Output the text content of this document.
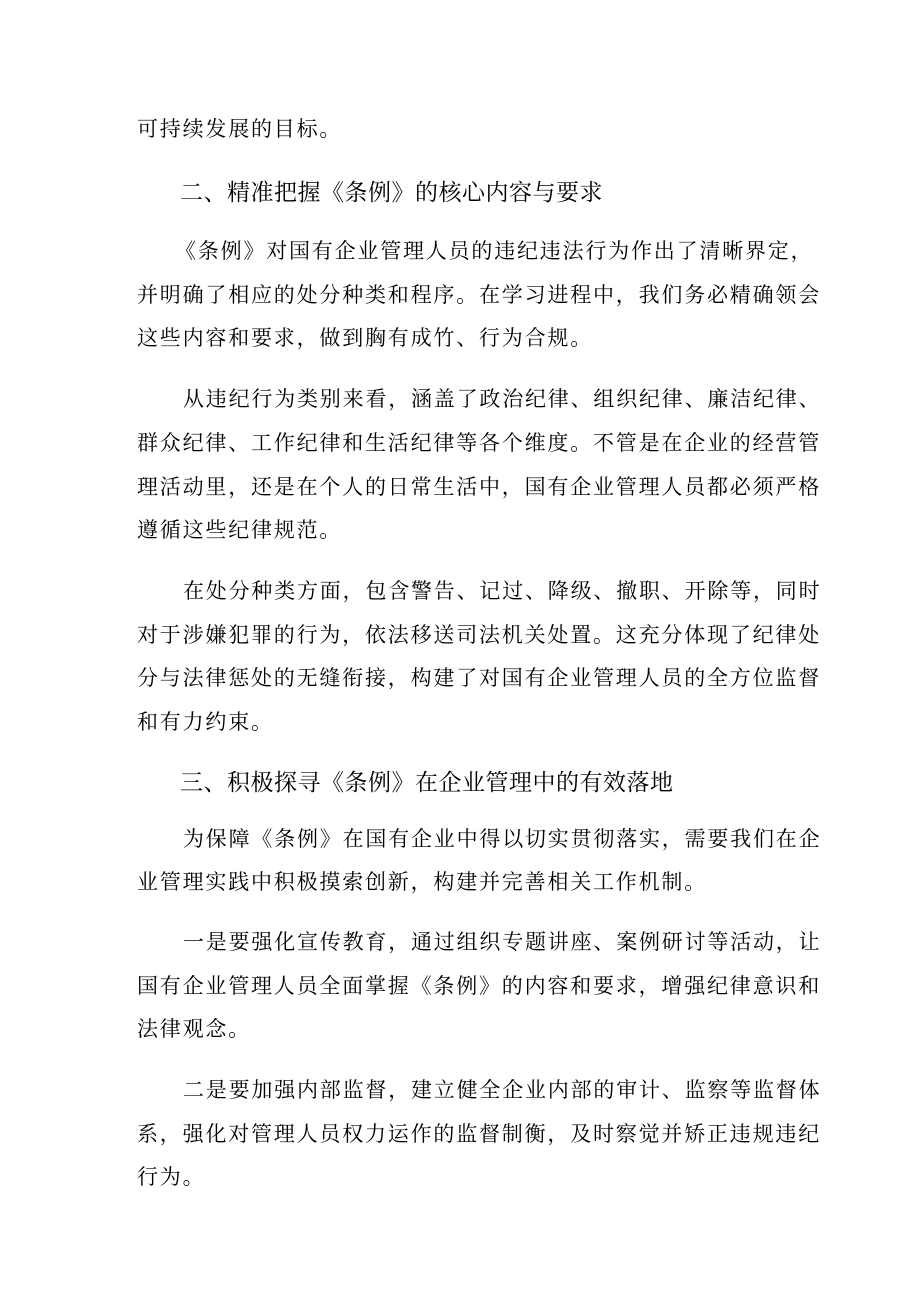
可持续发展的目标。
二、精准把握《条例》的核心内容与要求
《条例》对国有企业管理人员的违纪违法行为作出了清晰界定，
并明确了相应的处分种类和程序。在学习进程中，我们务必精确领会
这些内容和要求，做到胸有成竹、行为合规。
从违纪行为类别来看，涵盖了政治纪律、组织纪律、廉洁纪律、
群众纪律、工作纪律和生活纪律等各个维度。不管是在企业的经营管
理活动里，还是在个人的日常生活中，国有企业管理人员都必须严格
遵循这些纪律规范。
在处分种类方面，包含警告、记过、降级、撤职、开除等，同时
对于涉嫌犯罪的行为，依法移送司法机关处置。这充分体现了纪律处
分与法律惩处的无缝衔接，构建了对国有企业管理人员的全方位监督
和有力约束。
三、积极探寻《条例》在企业管理中的有效落地
为保障《条例》在国有企业中得以切实贯彻落实，需要我们在企
业管理实践中积极摸索创新，构建并完善相关工作机制。
一是要强化宣传教育，通过组织专题讲座、案例研讨等活动，让
国有企业管理人员全面掌握《条例》的内容和要求，增强纪律意识和
法律观念。
二是要加强内部监督，建立健全企业内部的审计、监察等监督体
系，强化对管理人员权力运作的监督制衡，及时察觉并矫正违规违纪
行为。
